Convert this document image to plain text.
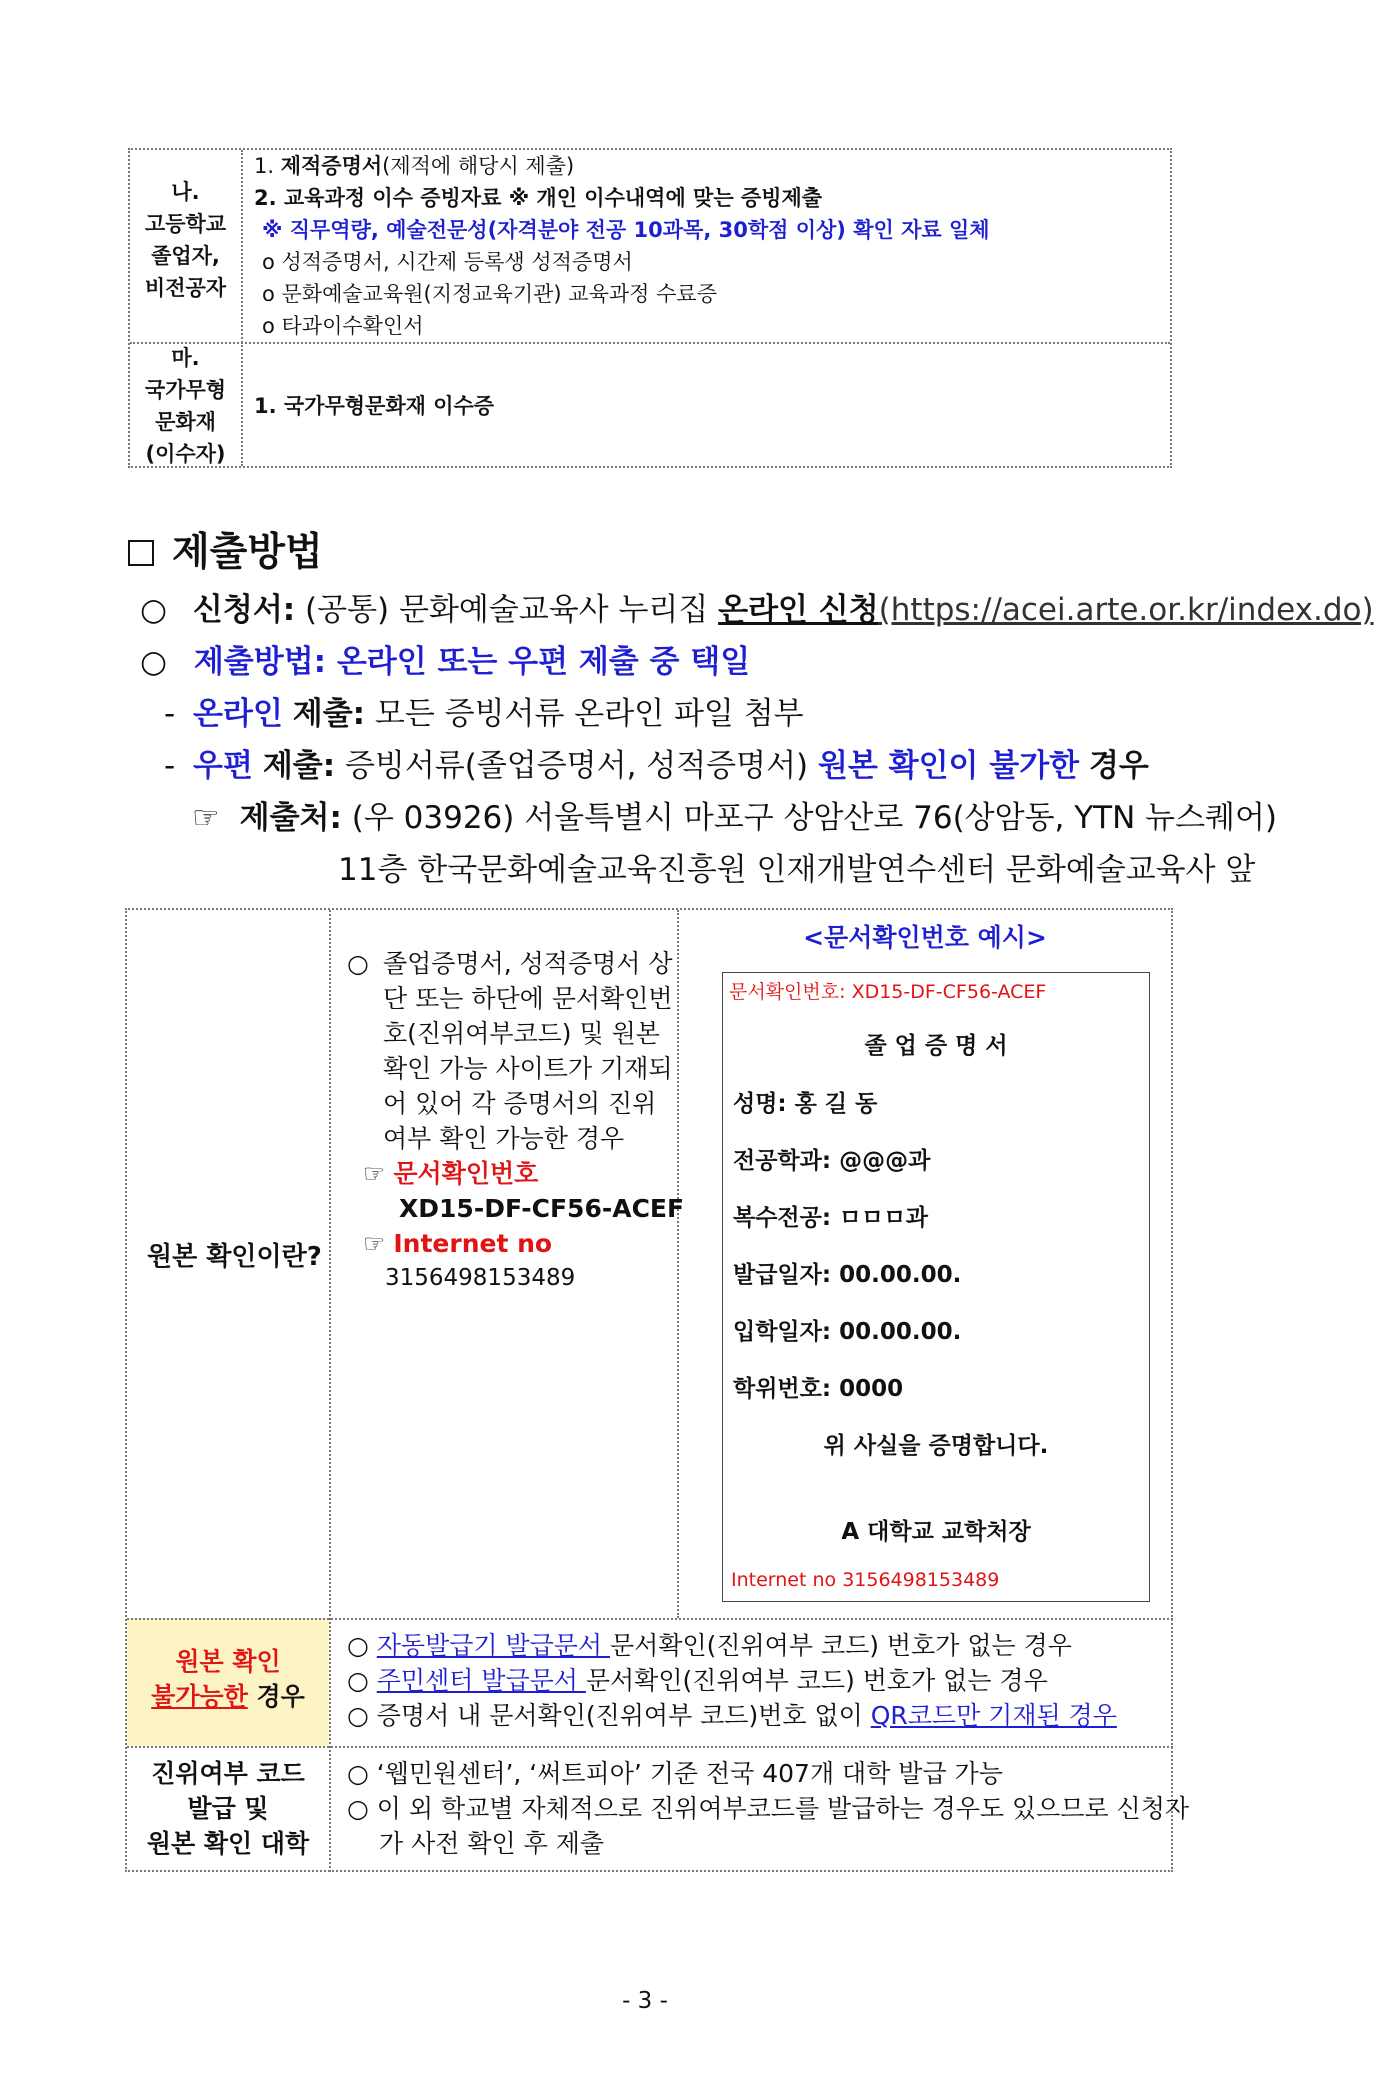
나.
고등학교
졸업자,
비전공자
1. 제적증명서(제적에 해당시 제출)
2. 교육과정 이수 증빙자료 ※ 개인 이수내역에 맞는 증빙제출
※ 직무역량, 예술전문성(자격분야 전공 10과목, 30학점 이상) 확인 자료 일체
o 성적증명서, 시간제 등록생 성적증명서
o 문화예술교육원(지정교육기관) 교육과정 수료증
o 타과이수확인서
마.
국가무형
문화재
(이수자)
1. 국가무형문화재 이수증
제출방법
○ 신청서: (공통) 문화예술교육사 누리집 온라인 신청(https://acei.arte.or.kr/index.do)
○ 제출방법: 온라인 또는 우편 제출 중 택일
- 온라인 제출: 모든 증빙서류 온라인 파일 첨부
- 우편 제출: 증빙서류(졸업증명서, 성적증명서) 원본 확인이 불가한 경우
☞ 제출처: (우 03926) 서울특별시 마포구 상암산로 76(상암동, YTN 뉴스퀘어)
11층 한국문화예술교육진흥원 인재개발연수센터 문화예술교육사 앞
원본 확인이란?
○ 졸업증명서, 성적증명서 상
단 또는 하단에 문서확인번
호(진위여부코드) 및 원본
확인 가능 사이트가 기재되
어 있어 각 증명서의 진위
여부 확인 가능한 경우
☞ 문서확인번호
XD15-DF-CF56-ACEF
☞ Internet no
3156498153489
<문서확인번호 예시>
문서확인번호: XD15-DF-CF56-ACEF
졸 업 증 명 서
성명: 홍 길 동
전공학과: @@@과
복수전공: ㅁㅁㅁ과
발급일자: 00.00.00.
입학일자: 00.00.00.
학위번호: 0000
위 사실을 증명합니다.
A 대학교 교학처장
Internet no 3156498153489
원본 확인
불가능한 경우
○ 자동발급기 발급문서 문서확인(진위여부 코드) 번호가 없는 경우
○ 주민센터 발급문서 문서확인(진위여부 코드) 번호가 없는 경우
○ 증명서 내 문서확인(진위여부 코드)번호 없이 QR코드만 기재된 경우
진위여부 코드
발급 및
원본 확인 대학
○ ‘웹민원센터’, ‘써트피아’ 기준 전국 407개 대학 발급 가능
○ 이 외 학교별 자체적으로 진위여부코드를 발급하는 경우도 있으므로 신청자
가 사전 확인 후 제출
- 3 -
